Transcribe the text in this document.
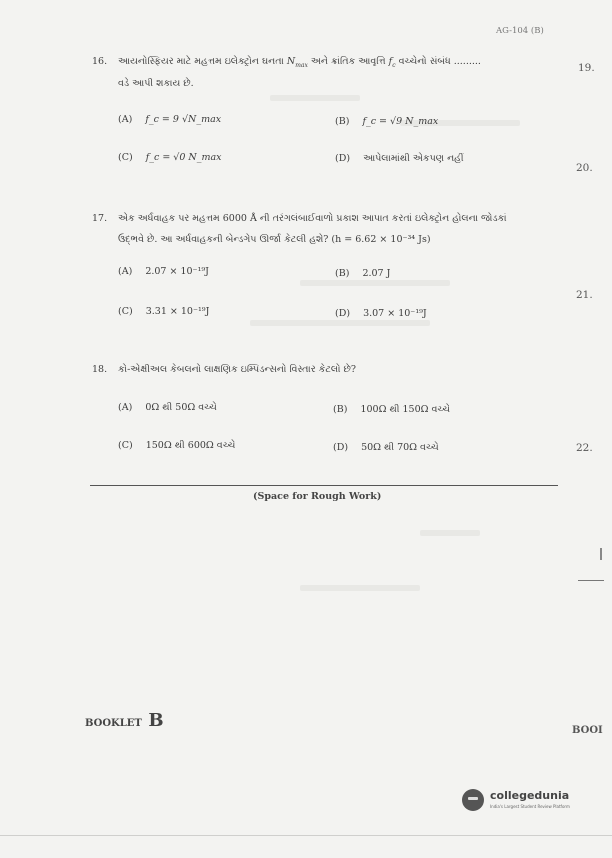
AG-104 (B)
16. આયનોસ્ફિયર માટે મહત્તમ ઇલેક્ટ્રોન ઘનતા $N_{max}$ અને ક્રાંતિક આવૃત્તિ $f_c$ વચ્ચેનો સંબંધ .........
વડે આપી શકાય છે.
(A) f_c = 9 √N_max	(B) f_c = √9 N_max
(C) f_c = √0 N_max	(D) આપેલામાંથી એકપણ નહીં
17. એક અર્ધવાહક પર મહત્તમ 6000 Å ની તરંગલંબાઈવાળો પ્રકાશ આપાત કરતાં ઇલેક્ટ્રોન હોલના જોડકાં
ઉદ્ભવે છે. આ અર્ધવાહકની બેન્ડગેપ ઊર્જા કેટલી હશે? (h = 6.62 × 10⁻³⁴ Js)
(A) 2.07 × 10⁻¹⁹J	(B) 2.07 J
(C) 3.31 × 10⁻¹⁹J	(D) 3.07 × 10⁻¹⁹J
18. કો-એક્ષીઅલ કેબલનો લાક્ષણિક ઇમ્પિડન્સનો વિસ્તાર કેટલો છે?
(A) 0Ω થી 50Ω વચ્ચે	(B) 100Ω થી 150Ω વચ્ચે
(C) 150Ω થી 600Ω વચ્ચે	(D) 50Ω થી 70Ω વચ્ચે
19.
20.
21.
22.
(Space for Rough Work)
BOOKLET B	BOOI
collegedunia
India's Largest Student Review Platform
